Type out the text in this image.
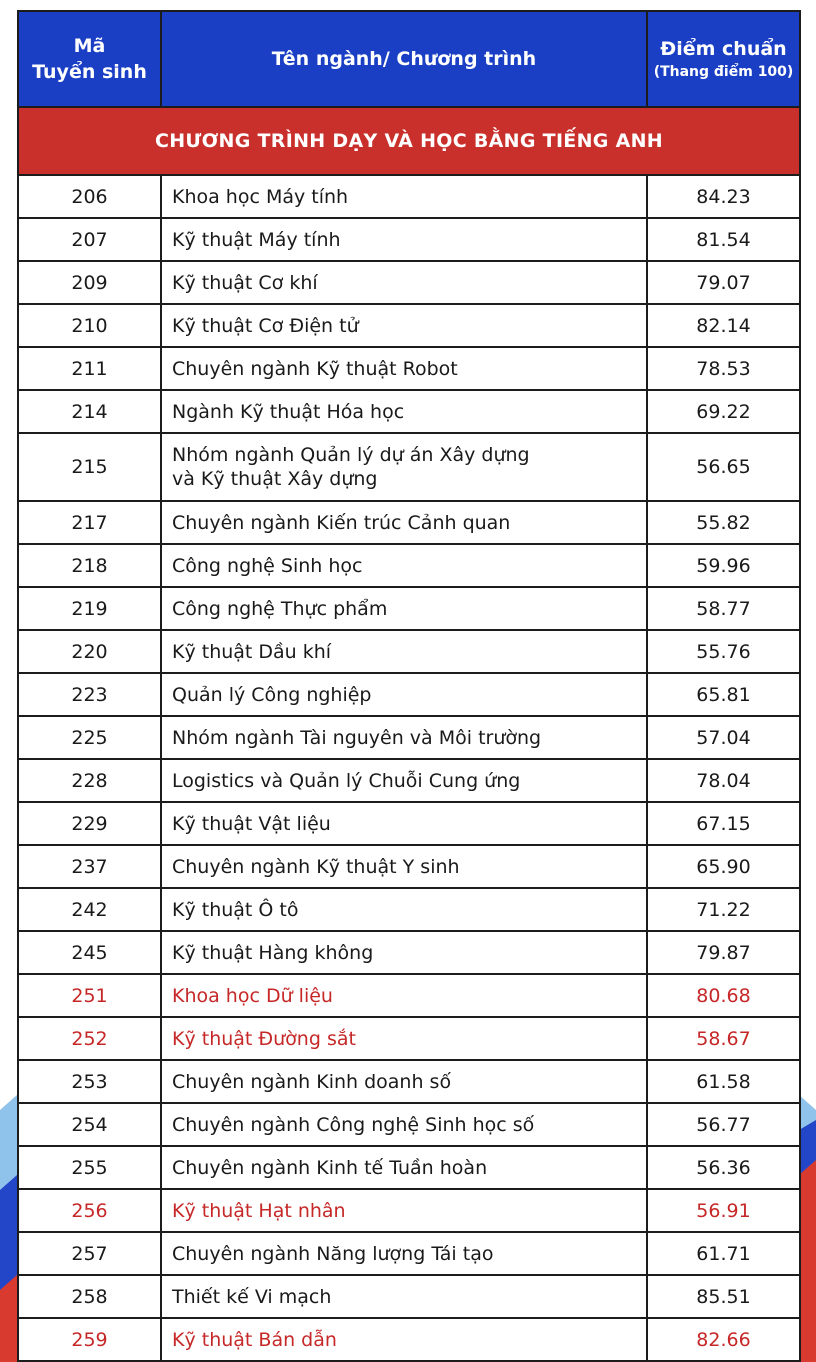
Mã
Tuyển sinh	Tên ngành/ Chương trình	Điểm chuẩn
(Thang điểm 100)

CHƯƠNG TRÌNH DẠY VÀ HỌC BẰNG TIẾNG ANH		
206	Khoa học Máy tính	84.23
207	Kỹ thuật Máy tính	81.54
209	Kỹ thuật Cơ khí	79.07
210	Kỹ thuật Cơ Điện tử	82.14
211	Chuyên ngành Kỹ thuật Robot	78.53
214	Ngành Kỹ thuật Hóa học	69.22
215	Nhóm ngành Quản lý dự án Xây dựng
và Kỹ thuật Xây dựng	56.65
217	Chuyên ngành Kiến trúc Cảnh quan	55.82
218	Công nghệ Sinh học	59.96
219	Công nghệ Thực phẩm	58.77
220	Kỹ thuật Dầu khí	55.76
223	Quản lý Công nghiệp	65.81
225	Nhóm ngành Tài nguyên và Môi trường	57.04
228	Logistics và Quản lý Chuỗi Cung ứng	78.04
229	Kỹ thuật Vật liệu	67.15
237	Chuyên ngành Kỹ thuật Y sinh	65.90
242	Kỹ thuật Ô tô	71.22
245	Kỹ thuật Hàng không	79.87
251	Khoa học Dữ liệu	80.68
252	Kỹ thuật Đường sắt	58.67
253	Chuyên ngành Kinh doanh số	61.58
254	Chuyên ngành Công nghệ Sinh học số	56.77
255	Chuyên ngành Kinh tế Tuần hoàn	56.36
256	Kỹ thuật Hạt nhân	56.91
257	Chuyên ngành Năng lượng Tái tạo	61.71
258	Thiết kế Vi mạch	85.51
259	Kỹ thuật Bán dẫn	82.66
